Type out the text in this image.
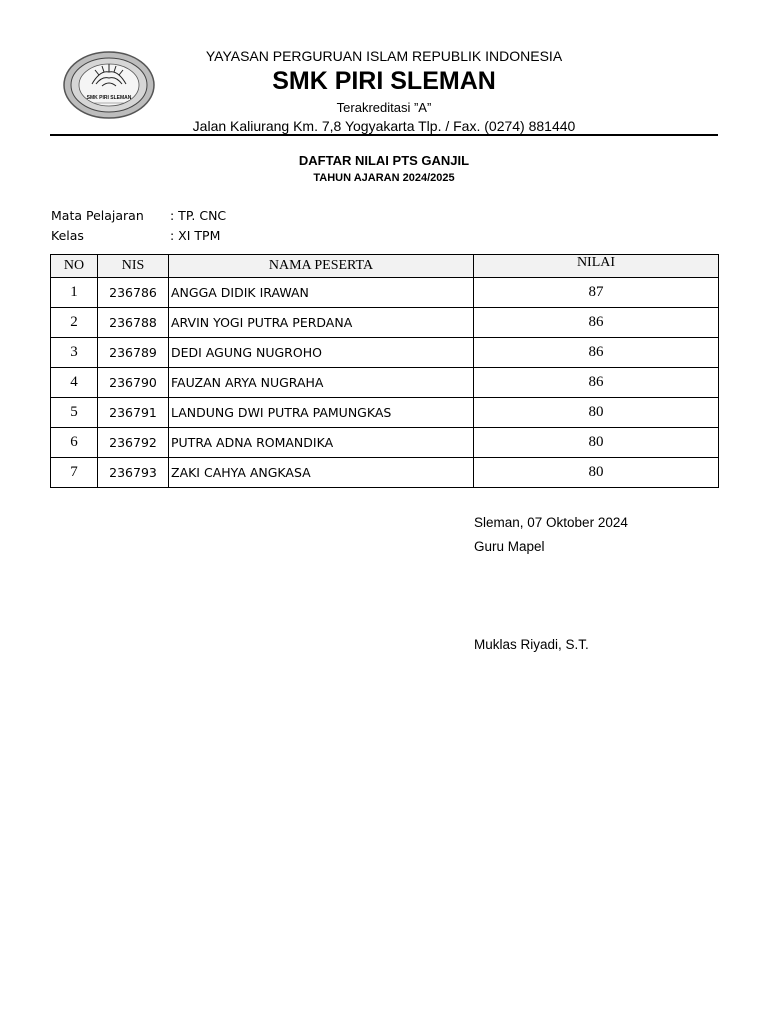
SMK PIRI SLEMAN
YAYASAN PERGURUAN ISLAM REPUBLIK INDONESIA
SMK PIRI SLEMAN
Terakreditasi ”A”
Jalan Kaliurang Km. 7,8 Yogyakarta Tlp. / Fax. (0274) 881440
DAFTAR NILAI PTS GANJIL
TAHUN AJARAN 2024/2025
Mata Pelajaran : TP. CNC
Kelas	: XI TPM
NO	NIS	NAMA PESERTA	NILAI
1	236786	ANGGA DIDIK IRAWAN	87
2	236788	ARVIN YOGI PUTRA PERDANA	86
3	236789	DEDI AGUNG NUGROHO	86
4	236790	FAUZAN ARYA NUGRAHA	86
5	236791	LANDUNG DWI PUTRA PAMUNGKAS	80
6	236792	PUTRA ADNA ROMANDIKA	80
7	236793	ZAKI CAHYA ANGKASA	80
Sleman, 07 Oktober 2024
Guru Mapel
Muklas Riyadi, S.T.
